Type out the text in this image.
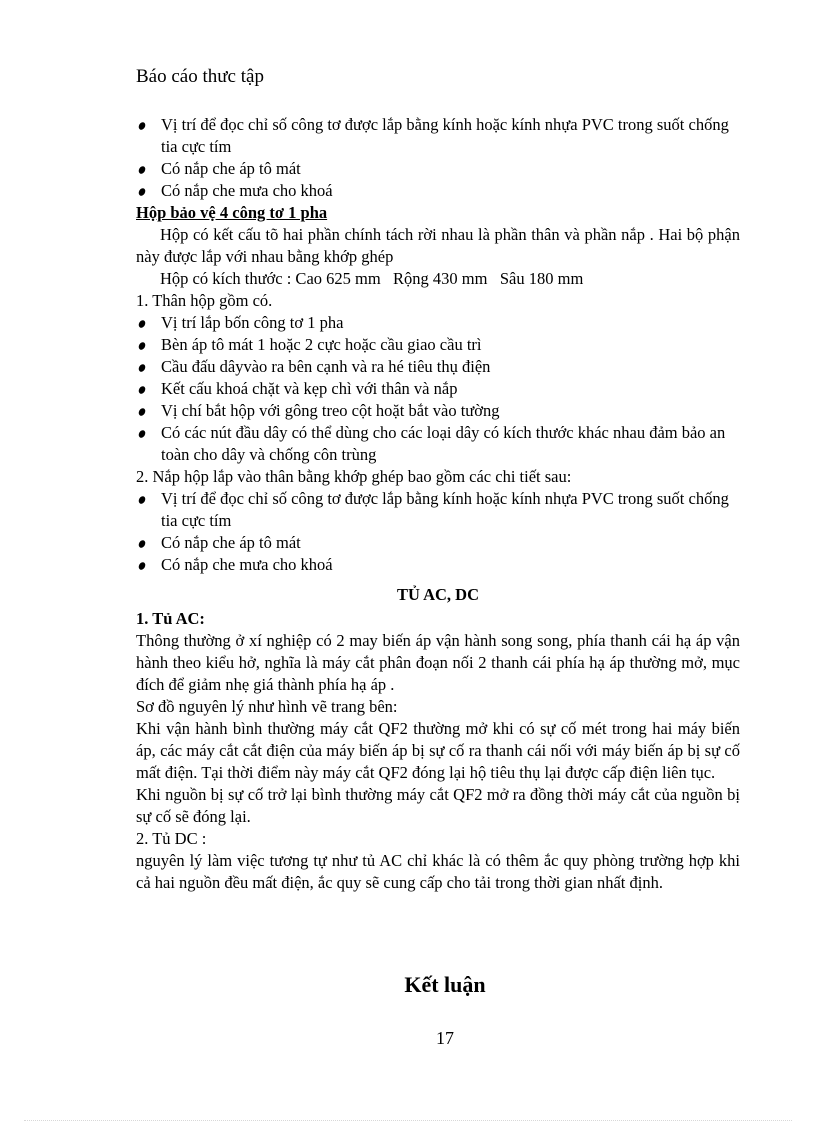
Báo cáo thưc tập
Vị trí để đọc chỉ số công tơ được lắp bằng kính hoặc kính nhựa PVC trong suốt chống tia cực tím
Có nắp che áp tô mát
Có nắp che mưa cho khoá

Hộp bảo vệ 4 công tơ 1 pha

Hộp có kết cấu tõ hai phần chính tách rời nhau là phần thân và phần nắp . Hai bộ phận này được lắp với nhau bằng khớp ghép

Hộp có kích thước : Cao 625 mm   Rộng 430 mm   Sâu 180 mm

1. Thân hộp gồm có.

Vị trí lắp bốn công tơ 1 pha
Bèn áp tô mát 1 hoặc 2 cực hoặc cầu giao cầu trì
Cầu đấu dâyvào ra bên cạnh và ra hé tiêu thụ điện
Kết cấu khoá chặt và kẹp chì với thân và nắp
Vị chí bắt hộp với gông treo cột hoặt bắt vào tường
Có các nút đầu dây có thể dùng cho các loại dây có kích thước khác nhau đảm bảo an toàn cho dây và chống côn trùng

2. Nắp hộp lắp vào thân bằng khớp ghép bao gồm các chi tiết sau:

Vị trí để đọc chỉ số công tơ được lắp bằng kính hoặc kính nhựa PVC trong suốt chống tia cực tím
Có nắp che áp tô mát
Có nắp che mưa cho khoá

TỦ AC, DC

1. Tủ AC:

Thông thường ở xí nghiệp có 2 may biến áp vận hành song song, phía thanh cái hạ áp vận hành theo kiểu hở, nghĩa là máy cắt phân đoạn nối 2 thanh cái phía hạ áp thường mở, mục đích để giảm nhẹ giá thành phía hạ áp .

Sơ đồ nguyên lý như hình vẽ trang bên:

Khi vận hành bình thường máy cắt QF2 thường mở khi có sự cố mét trong hai máy biến áp, các máy cắt cắt điện của máy biến áp bị sự cố ra thanh cái nối với máy biến áp bị sự cố mất điện. Tại thời điểm này máy cắt QF2 đóng lại hộ tiêu thụ lại được cấp điện liên tục.

Khi nguồn bị sự cố trở lại bình thường máy cắt QF2 mở ra đồng thời máy cắt của nguồn bị sự cố sẽ đóng lại.

2. Tủ DC :

nguyên lý làm việc tương tự như tủ AC chỉ khác là có thêm ắc quy phòng trường hợp khi cả hai nguồn đều mất điện, ắc quy sẽ cung cấp cho tải trong thời gian nhất định.

Kết luận
17
